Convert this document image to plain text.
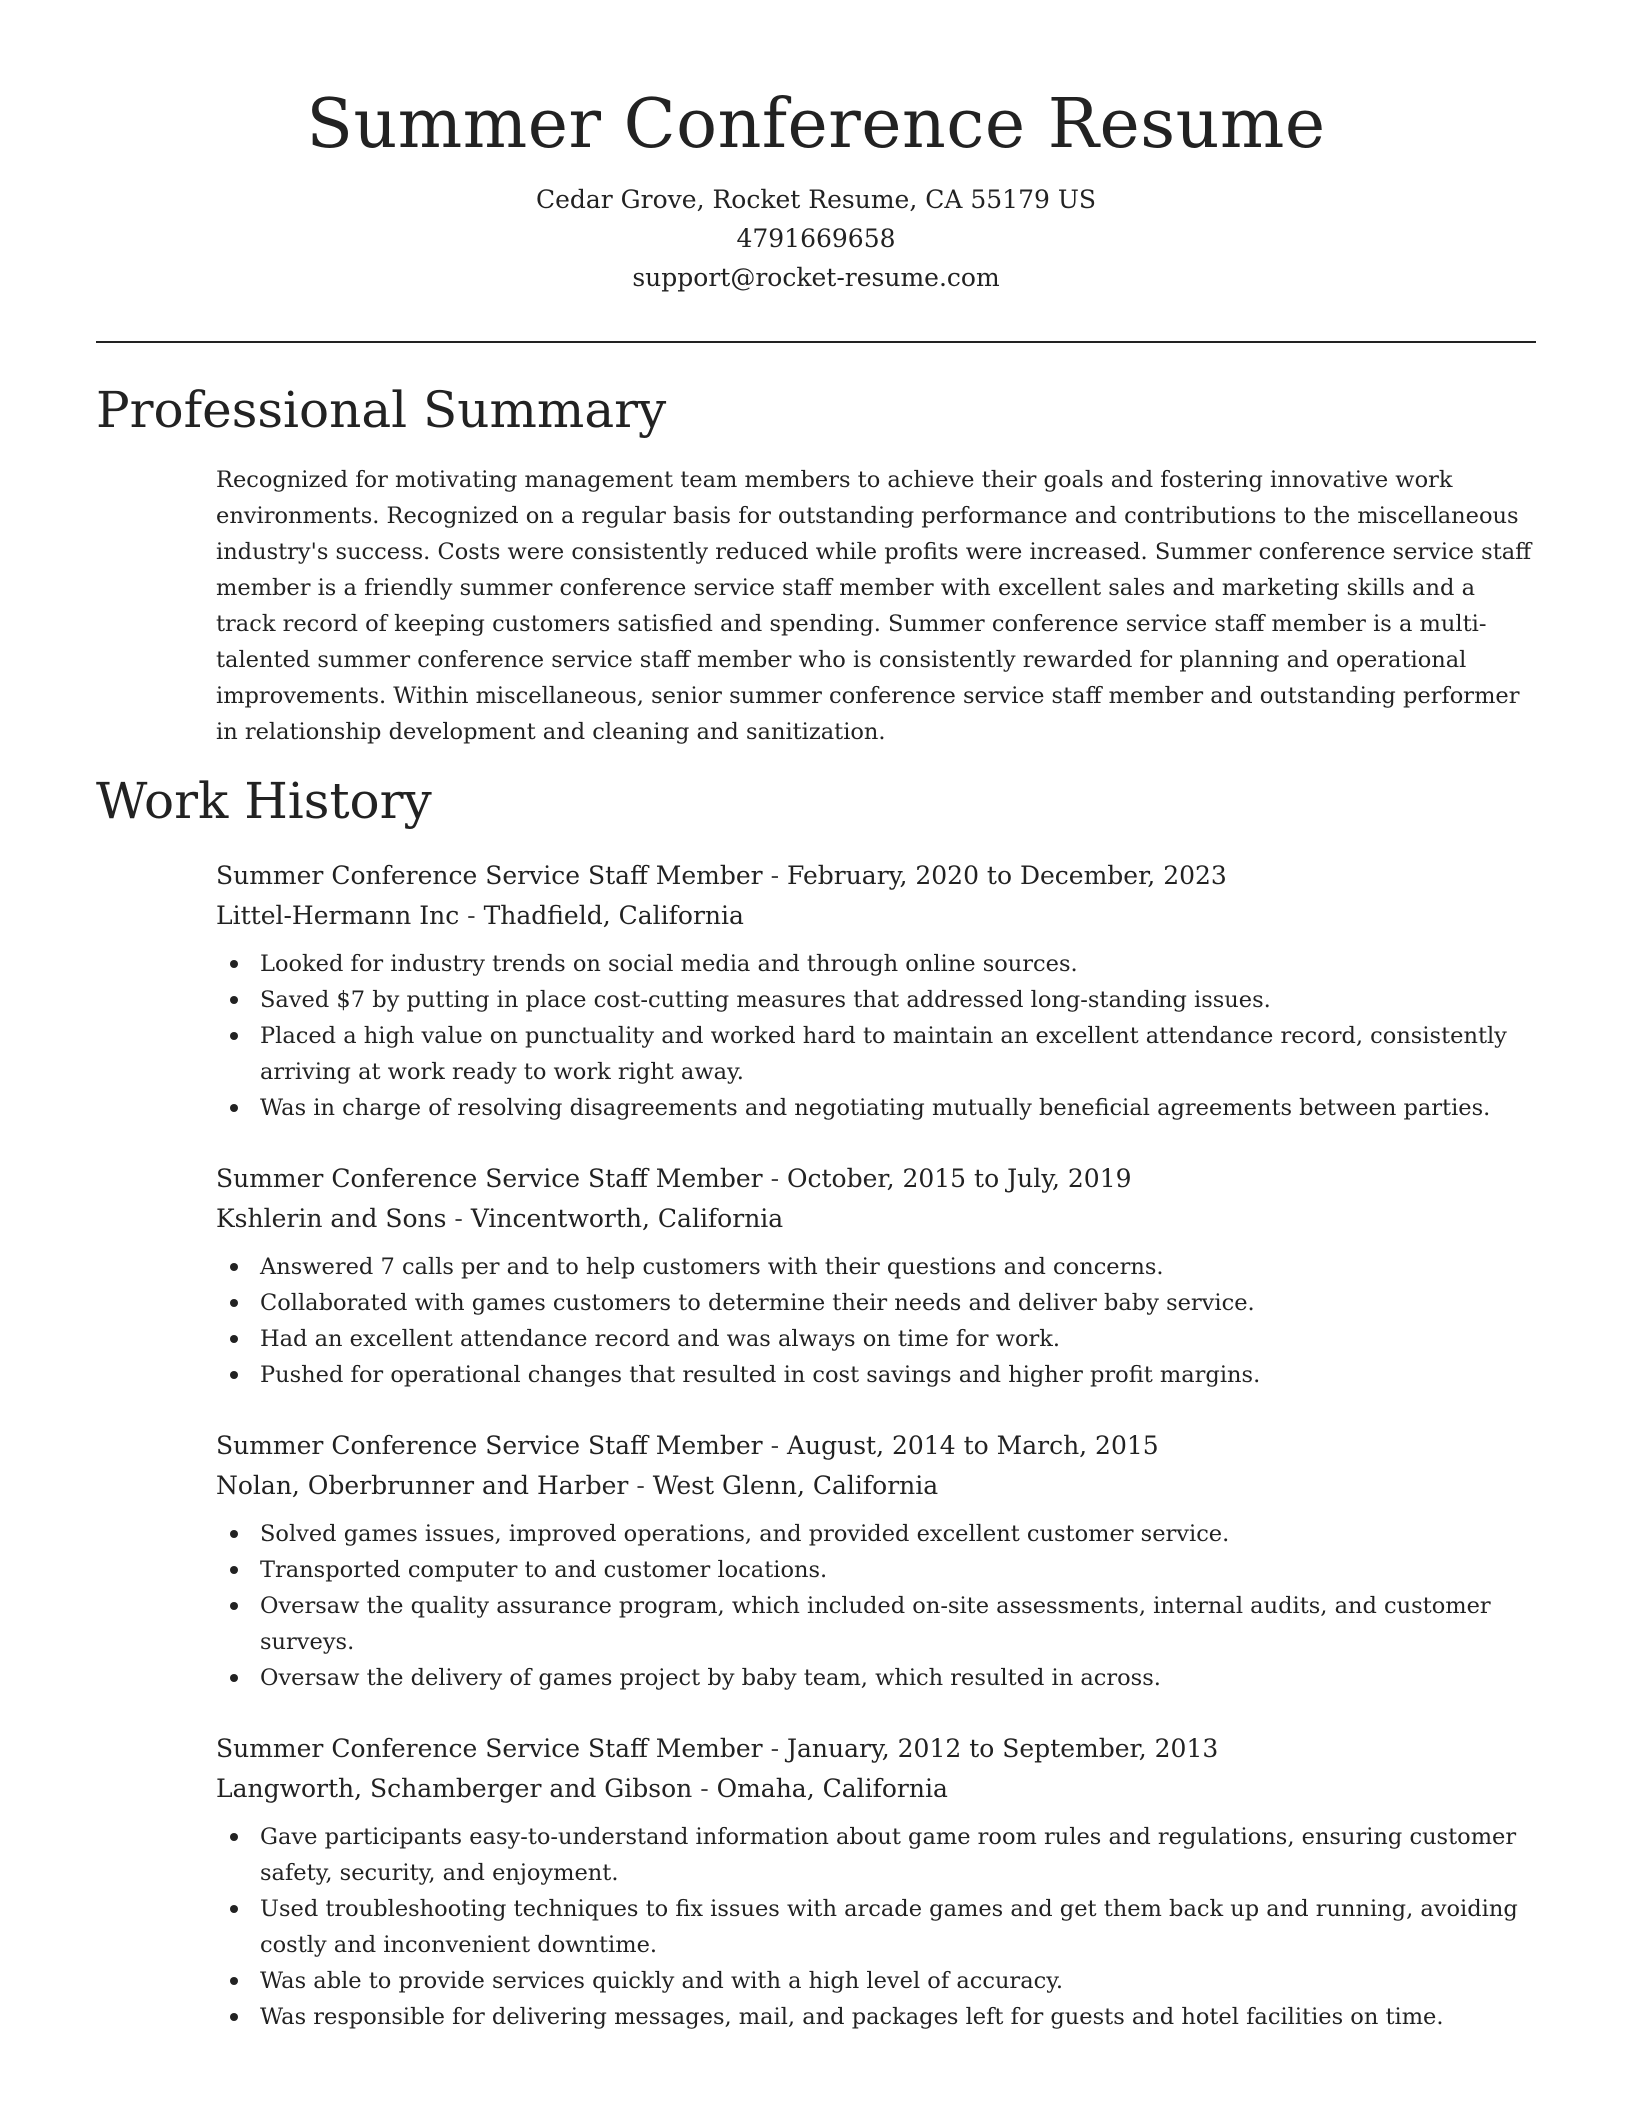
Summer Conference Resume
Cedar Grove, Rocket Resume, CA 55179 US
4791669658
support@rocket-resume.com
Professional Summary

Recognized for motivating management team members to achieve their goals and fostering innovative work environments. Recognized on a regular basis for outstanding performance and contributions to the miscellaneous industry's success. Costs were consistently reduced while profits were increased. Summer conference service staff member is a friendly summer conference service staff member with excellent sales and marketing skills and a track record of keeping customers satisfied and spending. Summer conference service staff member is a multi-talented summer conference service staff member who is consistently rewarded for planning and operational improvements. Within miscellaneous, senior summer conference service staff member and outstanding performer in relationship development and cleaning and sanitization.

Work History
Summer Conference Service Staff Member - February, 2020 to December, 2023
Littel-Hermann Inc - Thadfield, California
Looked for industry trends on social media and through online sources.
Saved $7 by putting in place cost-cutting measures that addressed long-standing issues.
Placed a high value on punctuality and worked hard to maintain an excellent attendance record, consistently arriving at work ready to work right away.
Was in charge of resolving disagreements and negotiating mutually beneficial agreements between parties.
Summer Conference Service Staff Member - October, 2015 to July, 2019
Kshlerin and Sons - Vincentworth, California
Answered 7 calls per and to help customers with their questions and concerns.
Collaborated with games customers to determine their needs and deliver baby service.
Had an excellent attendance record and was always on time for work.
Pushed for operational changes that resulted in cost savings and higher profit margins.
Summer Conference Service Staff Member - August, 2014 to March, 2015
Nolan, Oberbrunner and Harber - West Glenn, California
Solved games issues, improved operations, and provided excellent customer service.
Transported computer to and customer locations.
Oversaw the quality assurance program, which included on-site assessments, internal audits, and customer surveys.
Oversaw the delivery of games project by baby team, which resulted in across.
Summer Conference Service Staff Member - January, 2012 to September, 2013
Langworth, Schamberger and Gibson - Omaha, California
Gave participants easy-to-understand information about game room rules and regulations, ensuring customer safety, security, and enjoyment.
Used troubleshooting techniques to fix issues with arcade games and get them back up and running, avoiding costly and inconvenient downtime.
Was able to provide services quickly and with a high level of accuracy.
Was responsible for delivering messages, mail, and packages left for guests and hotel facilities on time.
